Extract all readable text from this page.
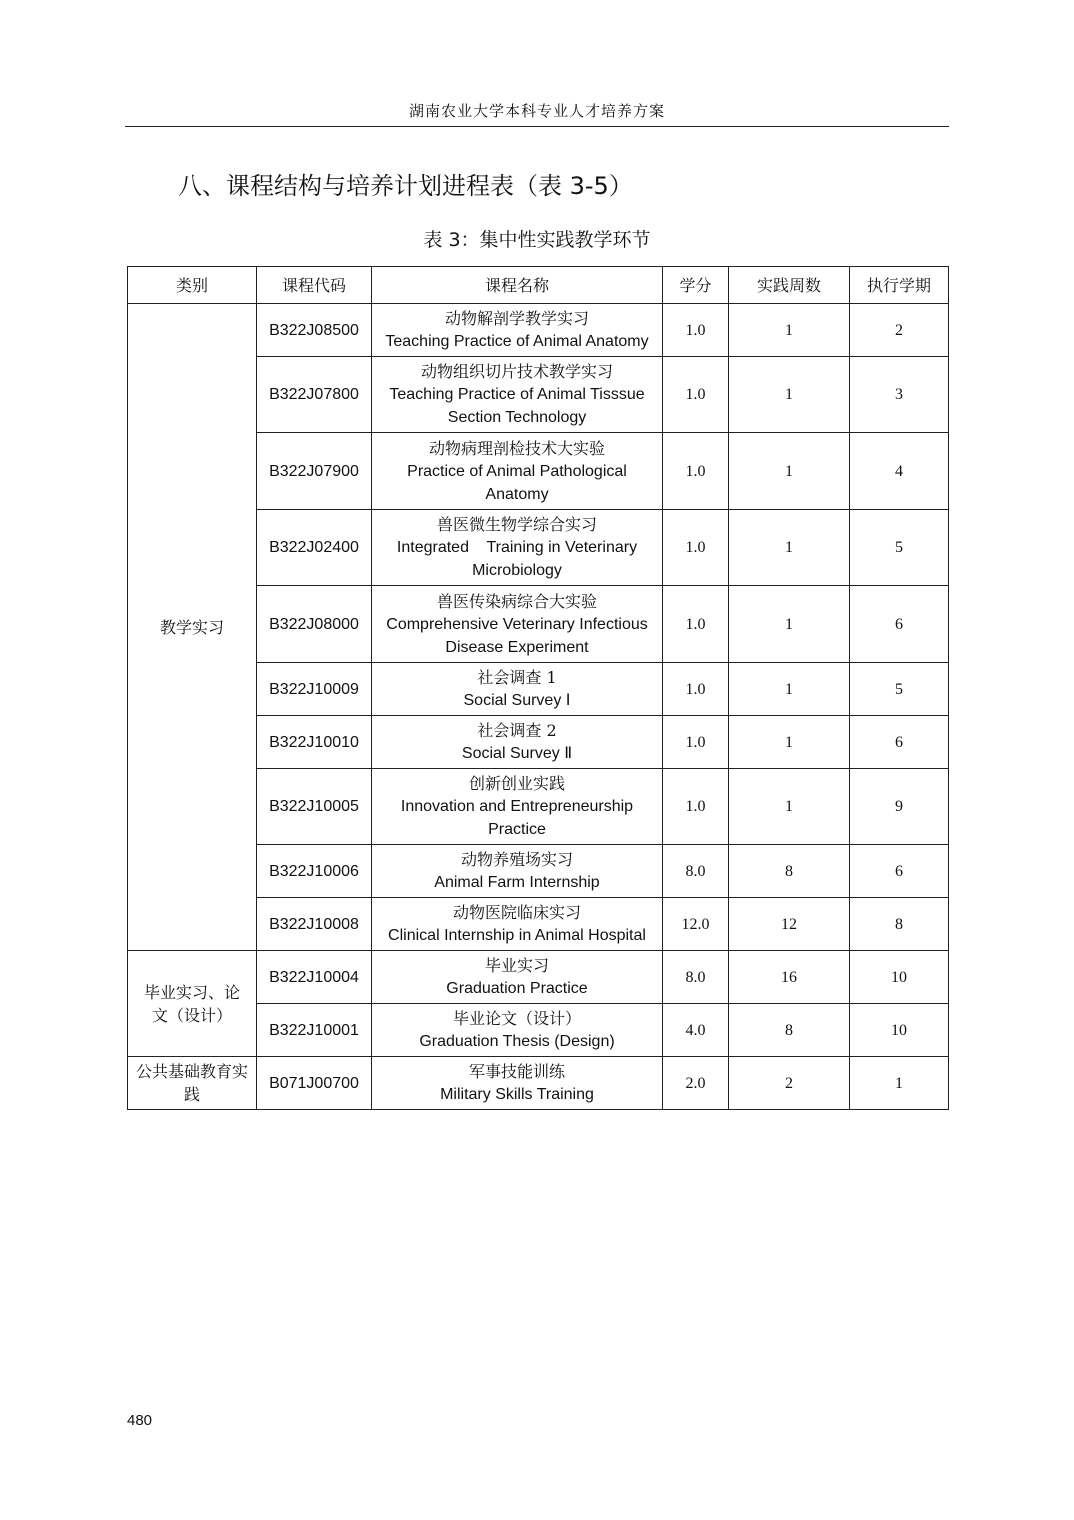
湖南农业大学本科专业人才培养方案
八、课程结构与培养计划进程表（表 3-5）
表 3：集中性实践教学环节
类别	课程代码	课程名称	学分	实践周数	执行学期
教学实习	B322J08500	动物解剖学教学实习
Teaching Practice of Animal Anatomy	1.0	1	2
	B322J07800	动物组织切片技术教学实习
Teaching Practice of Animal Tisssue Section Technology	1.0	1	3
	B322J07900	动物病理剖检技术大实验
Practice of Animal Pathological Anatomy	1.0	1	4
	B322J02400	兽医微生物学综合实习
Integrated    Training in Veterinary Microbiology	1.0	1	5
	B322J08000	兽医传染病综合大实验
Comprehensive Veterinary Infectious Disease Experiment	1.0	1	6
	B322J10009	社会调查 1
Social Survey Ⅰ	1.0	1	5
	B322J10010	社会调查 2
Social Survey Ⅱ	1.0	1	6
	B322J10005	创新创业实践
Innovation and Entrepreneurship Practice	1.0	1	9
	B322J10006	动物养殖场实习
Animal Farm Internship	8.0	8	6
	B322J10008	动物医院临床实习
Clinical Internship in Animal Hospital	12.0	12	8

毕业实习、论文（设计）	B322J10004	毕业实习
Graduation Practice	8.0	16	10
	B322J10001	毕业论文（设计）
Graduation Thesis (Design)	4.0	8	10

公共基础教育实践	B071J00700	军事技能训练
Military Skills Training	2.0	2	1
480
